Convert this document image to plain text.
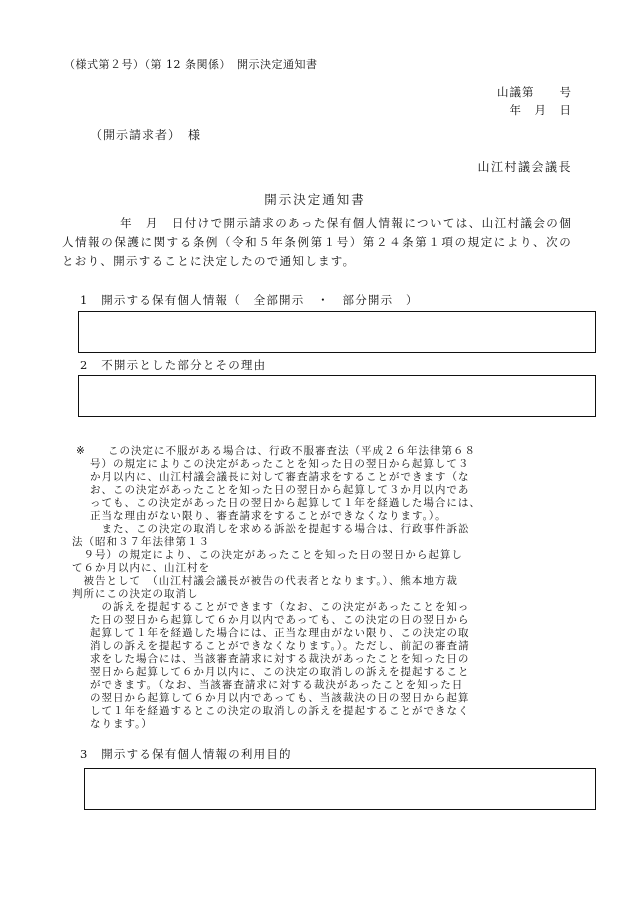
（様式第２号）（第 12 条関係）　開示決定通知書
山議第　　号
年　月　日
（開示請求者）　様
山江村議会議長
開示決定通知書
年　月　日付けで開示請求のあった保有個人情報については、山江村議会の個人情報の保護に関する条例（令和５年条例第１号）第２４条第１項の規定により、次のとおり、開示することに決定したので通知します。
1　開示する保有個人情報（　全部開示　・　部分開示　）
2　不開示とした部分とその理由
※ この決定に不服がある場合は、行政不服審査法（平成２６年法律第６８
号）の規定によりこの決定があったことを知った日の翌日から起算して３
か月以内に、山江村議会議長に対して審査請求をすることができます（な
お、この決定があったことを知った日の翌日から起算して３か月以内であ
っても、この決定があった日の翌日から起算して１年を経過した場合には、
正当な理由がない限り、審査請求をすることができなくなります。）。
　また、この決定の取消しを求める訴訟を提起する場合は、行政事件訴訟
法（昭和３７年法律第１３
　９号）の規定により、この決定があったことを知った日の翌日から起算し
て６か月以内に、山江村を
　被告として　（山江村議会議長が被告の代表者となります。）、熊本地方裁
判所にこの決定の取消し
　の訴えを提起することができます（なお、この決定があったことを知っ
た日の翌日から起算して６か月以内であっても、この決定の日の翌日から
起算して１年を経過した場合には、正当な理由がない限り、この決定の取
消しの訴えを提起することができなくなります。）。ただし、前記の審査請
求をした場合には、当該審査請求に対する裁決があったことを知った日の
翌日から起算して６か月以内に、この決定の取消しの訴えを提起すること
ができます。（なお、当該審査請求に対する裁決があったことを知った日
の翌日から起算して６か月以内であっても、当該裁決の日の翌日から起算
して１年を経過するとこの決定の取消しの訴えを提起することができなく
なります。）
3　開示する保有個人情報の利用目的
